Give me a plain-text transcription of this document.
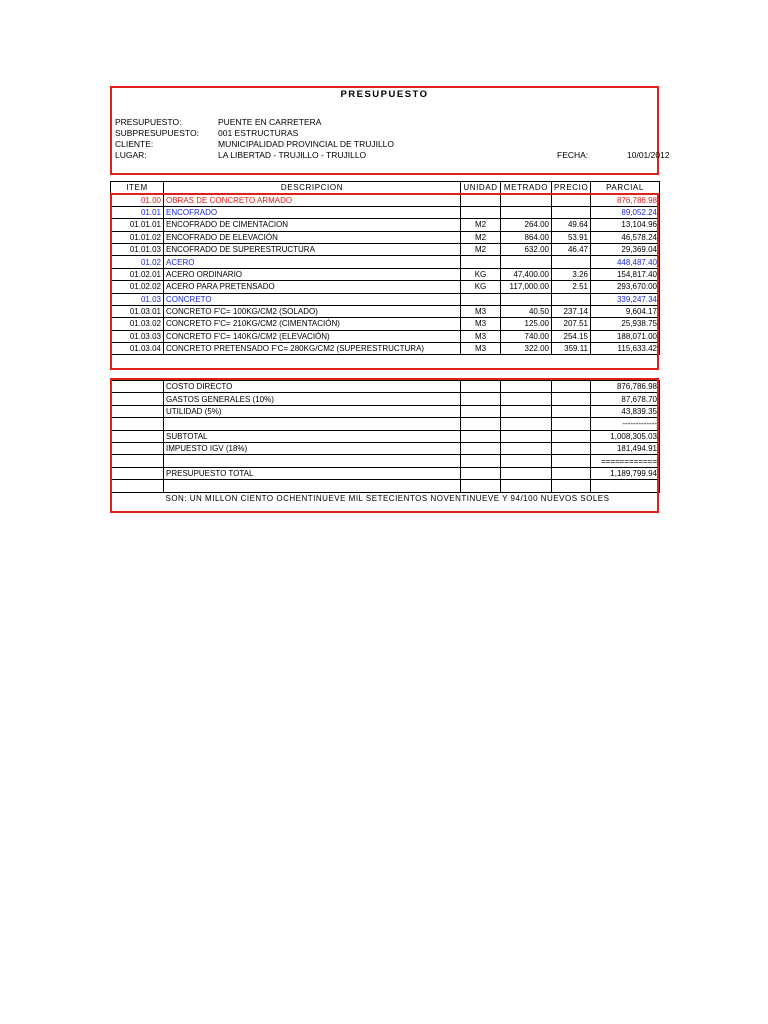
PRESUPUESTO
PRESUPUESTO:	PUENTE EN CARRETERA
SUBPRESUPUESTO: 001 ESTRUCTURAS
CLIENTE:	MUNICIPALIDAD PROVINCIAL DE TRUJILLO
LUGAR:	LA LIBERTAD - TRUJILLO - TRUJILLO	FECHA:	10/01/2012
ITEM	DESCRIPCION	UNIDAD	METRADO	PRECIO	PARCIAL
01.00	OBRAS DE CONCRETO ARMADO				876,786.98
01.01	ENCOFRADO				89,052.24
01.01.01	ENCOFRADO DE CIMENTACION	M2	264.00	49.64	13,104.96
01.01.02	ENCOFRADO DE ELEVACIÓN	M2	864.00	53.91	46,578.24
01.01.03	ENCOFRADO DE SUPERESTRUCTURA	M2	632.00	46.47	29,369.04
01.02	ACERO				448,487.40
01.02.01	ACERO ORDINARIO	KG	47,400.00	3.26	154,817.40
01.02.02	ACERO PARA PRETENSADO	KG	117,000.00	2.51	293,670.00
01.03	CONCRETO				339,247.34
01.03.01	CONCRETO F'C= 100KG/CM2 (SOLADO)	M3	40.50	237.14	9,604.17
01.03.02	CONCRETO F'C= 210KG/CM2 (CIMENTACIÓN)	M3	125.00	207.51	25,938.75
01.03.03	CONCRETO F'C= 140KG/CM2 (ELEVACIÓN)	M3	740.00	254.15	188,071.00
01.03.04	CONCRETO PRETENSADO F'C= 280KG/CM2 (SUPERESTRUCTURA)	M3	322.00	359.11	115,633.42
	COSTO DIRECTO				876,786.98
	GASTOS GENERALES (10%)				87,678.70
	UTILIDAD (5%)				43,839.35
					-------------
	SUBTOTAL				1,008,305.03
	IMPUESTO IGV (18%)				181,494.91
					============
	PRESUPUESTO TOTAL				1,189,799.94

	SON: UN MILLON CIENTO OCHENTINUEVE MIL SETECIENTOS NOVENTINUEVE Y 94/100 NUEVOS SOLES				
